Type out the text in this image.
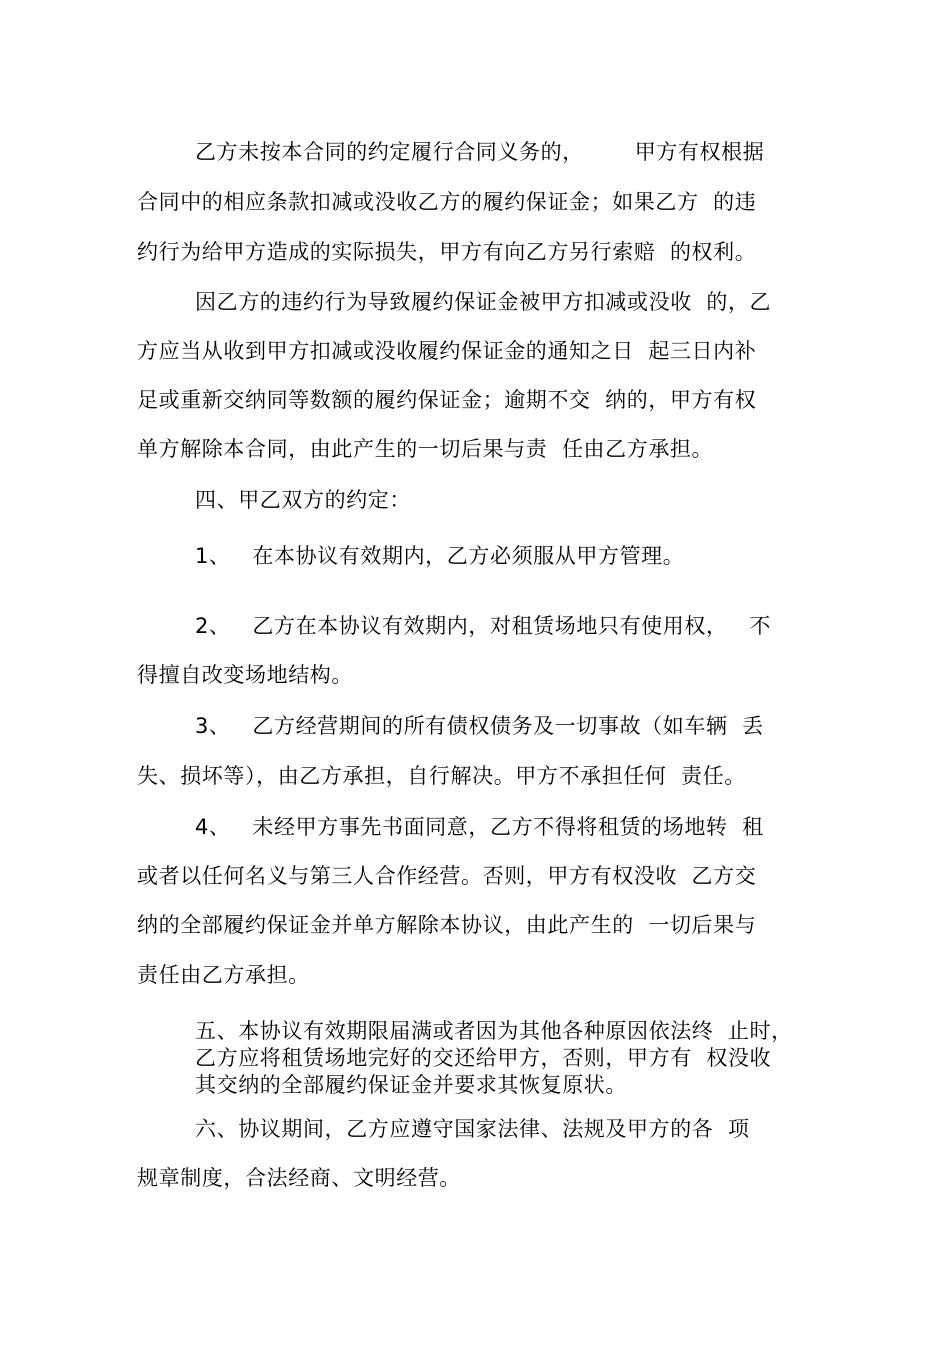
乙方未按本合同的约定履行合同义务的，       甲方有权根据
合同中的相应条款扣减或没收乙方的履约保证金；如果乙方  的违
约行为给甲方造成的实际损失，甲方有向乙方另行索赔  的权利。
因乙方的违约行为导致履约保证金被甲方扣减或没收  的，乙
方应当从收到甲方扣减或没收履约保证金的通知之日  起三日内补
足或重新交纳同等数额的履约保证金；逾期不交  纳的，甲方有权
单方解除本合同，由此产生的一切后果与责  任由乙方承担。
四、甲乙双方的约定：
1、   在本协议有效期内，乙方必须服从甲方管理。
2、   乙方在本协议有效期内，对租赁场地只有使用权，   不
得擅自改变场地结构。
3、   乙方经营期间的所有债权债务及一切事故（如车辆  丢
失、损坏等），由乙方承担，自行解决。甲方不承担任何  责任。
4、   未经甲方事先书面同意，乙方不得将租赁的场地转  租
或者以任何名义与第三人合作经营。否则，甲方有权没收  乙方交
纳的全部履约保证金并单方解除本协议，由此产生的  一切后果与
责任由乙方承担。
五、本协议有效期限届满或者因为其他各种原因依法终  止时，
乙方应将租赁场地完好的交还给甲方，否则，甲方有  权没收
其交纳的全部履约保证金并要求其恢复原状。
六、协议期间，乙方应遵守国家法律、法规及甲方的各  项
规章制度，合法经商、文明经营。
